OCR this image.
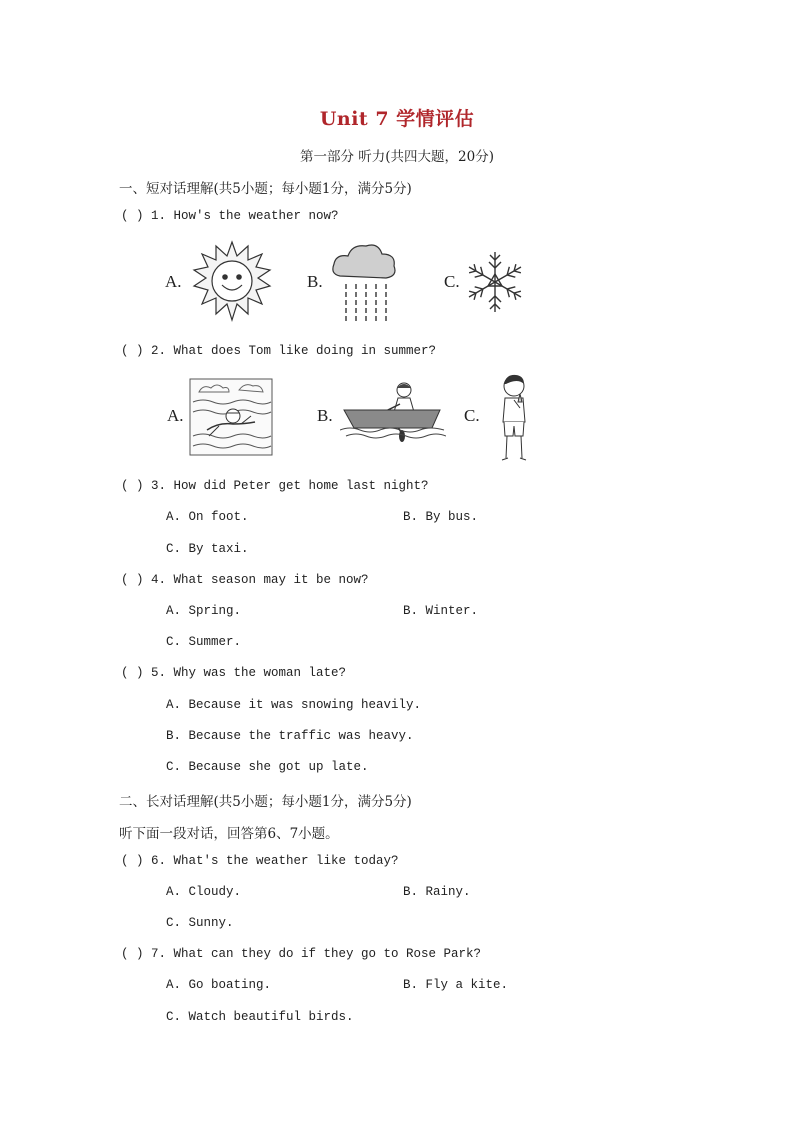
Unit 7 学情评估
第一部分 听力(共四大题，20分)
一、短对话理解(共5小题；每小题1分，满分5分)
( ) 1. How's the weather now?
A.	B.	C.
( ) 2. What does Tom like doing in summer?
A.	B.	C.
( ) 3. How did Peter get home last night?
A. On foot.	B. By bus.
C. By taxi.
( ) 4. What season may it be now?
A. Spring.	B. Winter.
C. Summer.
( ) 5. Why was the woman late?
A. Because it was snowing heavily.
B. Because the traffic was heavy.
C. Because she got up late.
二、长对话理解(共5小题；每小题1分，满分5分)
听下面一段对话，回答第6、7小题。
( ) 6. What's the weather like today?
A. Cloudy.	B. Rainy.
C. Sunny.
( ) 7. What can they do if they go to Rose Park?
A. Go boating.	B. Fly a kite.
C. Watch beautiful birds.
